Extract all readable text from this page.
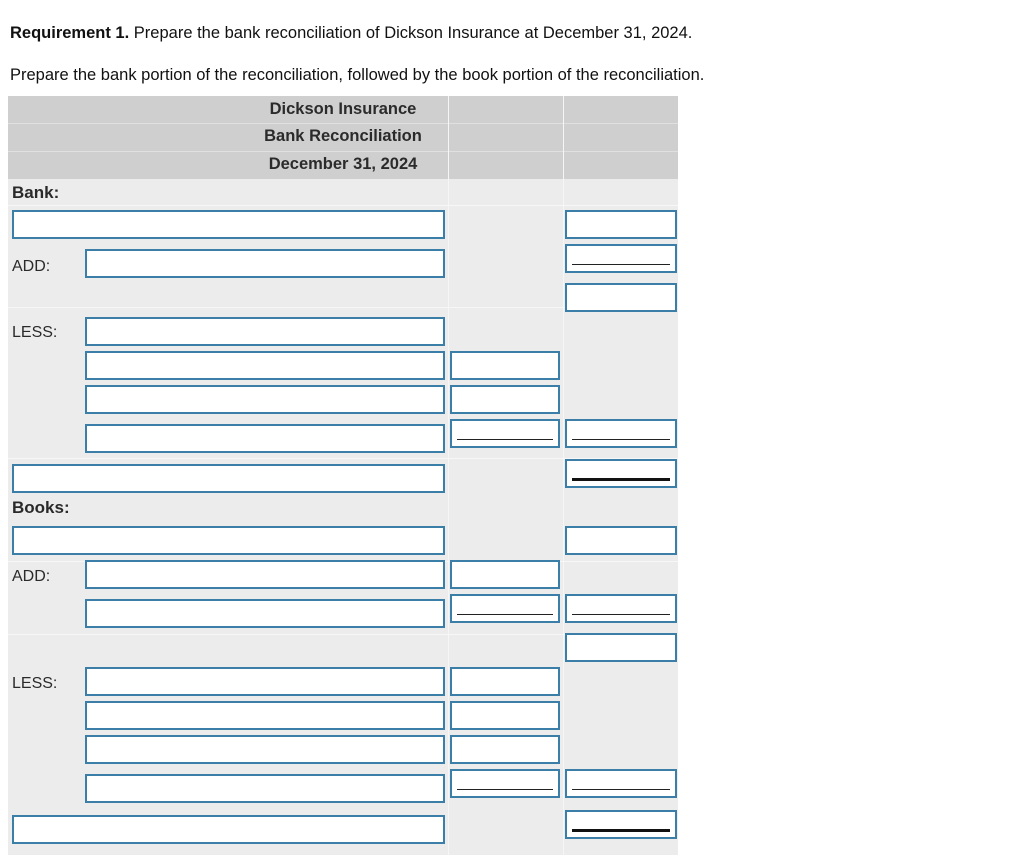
Requirement 1. Prepare the bank reconciliation of Dickson Insurance at December 31, 2024.

Prepare the bank portion of the reconciliation, followed by the book portion of the reconciliation.

Dickson Insurance
Bank Reconciliation
December 31, 2024
Bank:
ADD:
LESS:
Books:
ADD:
LESS:
